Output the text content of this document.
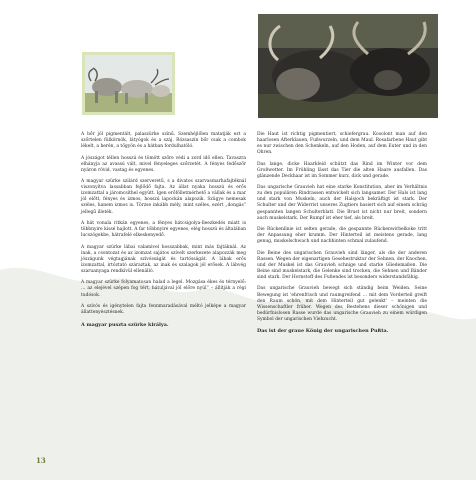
A bőr jól pigmentált, palaszürke színű. Szemhéjlőlen matatják ezt a szőrtelen fülkörnök, látyógok és a száj. Rózsaszín bőr csak a combok lékelt, a herén, a tőgyön és a hátban fordulhatóló.

A jószágot téllen hosszú és tömött szőre védi a zord idő ellen. Tavaszra elhányja az avassú vált, mivel fényeleges szőrzetét. A fényes fedőszőr nyáron rövid, vastag és egyenes.

A magyar szürke szilárd szerveretű, s a divatos szarvasmarhafajtéknál viszonyítva lassabban fejlődő fajta. Az állat nyaka hosszú és erős izomzattal a járomcsíthel együtt. Igen erőfölletmérhető a vállak és a mar jól előtt, fényes és izmos, hosszú lapockán alapozik. Szügye nemesak széles, hanem izmos is. Törzse inkább mély, mint széles, ezért „dongás” jellegű illeték.

A hát vonala ritkán egyenes, a fényes hátcsigolya-lleezkedés miatt is többnyire kissé hajlott. A far többnyire egyenes, elég hosszú és általában lucszögekbe, hátrafelé elkeskenyedő.

A magyar szürke lábai valamivel hosszabbak, mint más fajtáknál. Az inak, a csontozat és az izomzat sajátos szívelt szerkezete alapozzák meg jószágunk végtagjának szívósságát és tartósságát. A lábak erős izomzattal, irtóztató száraztak, az inak és szalagok jól erősek. A lábvég szaruanyaga rendkívül ellenálló.

A magyar szürke folyamatosan halad a legel. Mozgása ékes és térnyelő: … az elejével szépen fog tért, hátuljával jól előre nyúl” – állítják a régi tudósok.

A szívós és igénytelen fajta fennmaradásával méltó jelképe a magyar állattenyésztésnek.

A magyar puszta szürke királya.

Die Haut ist richtig pigmentiert, schiefergrau. Kosolont man auf den haarlosen Afterklauen, Fußwurzeln, und dem Maul. Rosafarbene Haut gibt es nur zwischen den Schenkeln, auf den Hoden, auf dem Euter und in den Ohren.

Das lange, dicke Haarkleid schützt das Rind im Winter vor dem Großwetter. Im Frühling lässt das Tier die alten Haare ausfallen. Das glänzende Deckhaar ist im Sommer kurz, dick und gerade.

Das ungarische Grauvieh hat eine starke Konstitution, aber im Verhältnis zu den populären Rindrassen entwickelt sich langsamer. Der Hals ist lang und stark von Muskeln, auch der Halsjoch bekräftigt ist stark. Der Schulter und der Widerrist unseres Zugtiers basiert sich auf einem schräg gespannten langen Schulterblatt. Die Brust ist nicht nur breit, sondern auch muskelstark. Der Rumpf ist eher tief, als breit.

Die Rückenlinie ist selten gerade, die gespannte Rückenwirbelkoke tritt der Anpassung eher krumm. Der Hinterteil ist meistens gerade, lang genug, muskelschwach und nachhinten schmal zulaufend.

Die Beine des ungarischen Grauvieh sind länger, als die der anderen Rassen. Wegen der eigenartigen Gesehestruktur der Sehnen, der Knochen, und der Muskel ist das Grauvieh schnige und starke Gliedemaßen. Die Beine sind muskelstark, die Gelenke sind trocken, die Sehnen und Bänder sind stark. Der Hornstoff des Fußendes ist besonders widerstandsfähig.

Das ungarische Grauvieh bewegt sich ständig beim Weiden. Seine Bewegung ist 'ehrenfrisch und raumgreifend … mit dem Vorderteil greift den Raum schön, mit dem Hinterteil gut gelenkt' – meinten die Wissenschaftler früher. Wegen des Bestehens dieser schönigen und bedürfnislosen Rasse wurde das ungarische Grauvieh zu einem würdigen Symbol der ungarischen Viehzucht.

Das ist der graue König der ungarischen Pußta.

13
